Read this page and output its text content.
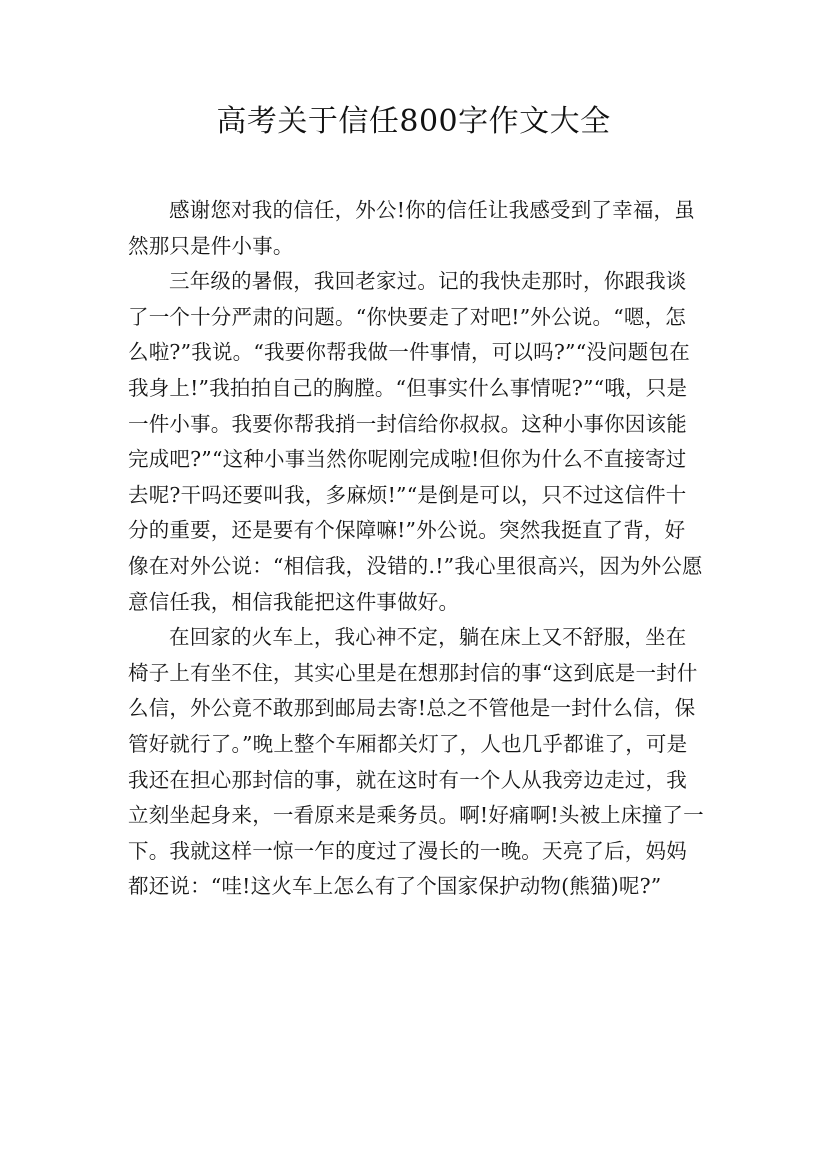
高考关于信任800字作文大全

感谢您对我的信任，外公!你的信任让我感受到了幸福，虽然那只是件小事。

三年级的暑假，我回老家过。记的我快走那时，你跟我谈了一个十分严肃的问题。“你快要走了对吧!”外公说。“嗯，怎么啦?”我说。“我要你帮我做一件事情，可以吗?”“没问题包在我身上!”我拍拍自己的胸膛。“但事实什么事情呢?”“哦，只是一件小事。我要你帮我捎一封信给你叔叔。这种小事你因该能完成吧?”“这种小事当然你呢刚完成啦!但你为什么不直接寄过去呢?干吗还要叫我，多麻烦!”“是倒是可以，只不过这信件十分的重要，还是要有个保障嘛!”外公说。突然我挺直了背，好像在对外公说：“相信我，没错的.!”我心里很高兴，因为外公愿意信任我，相信我能把这件事做好。

在回家的火车上，我心神不定，躺在床上又不舒服，坐在椅子上有坐不住，其实心里是在想那封信的事“这到底是一封什么信，外公竟不敢那到邮局去寄!总之不管他是一封什么信，保管好就行了。”晚上整个车厢都关灯了，人也几乎都谁了，可是我还在担心那封信的事，就在这时有一个人从我旁边走过，我立刻坐起身来，一看原来是乘务员。啊!好痛啊!头被上床撞了一下。我就这样一惊一乍的度过了漫长的一晚。天亮了后，妈妈都还说：“哇!这火车上怎么有了个国家保护动物(熊猫)呢?”
